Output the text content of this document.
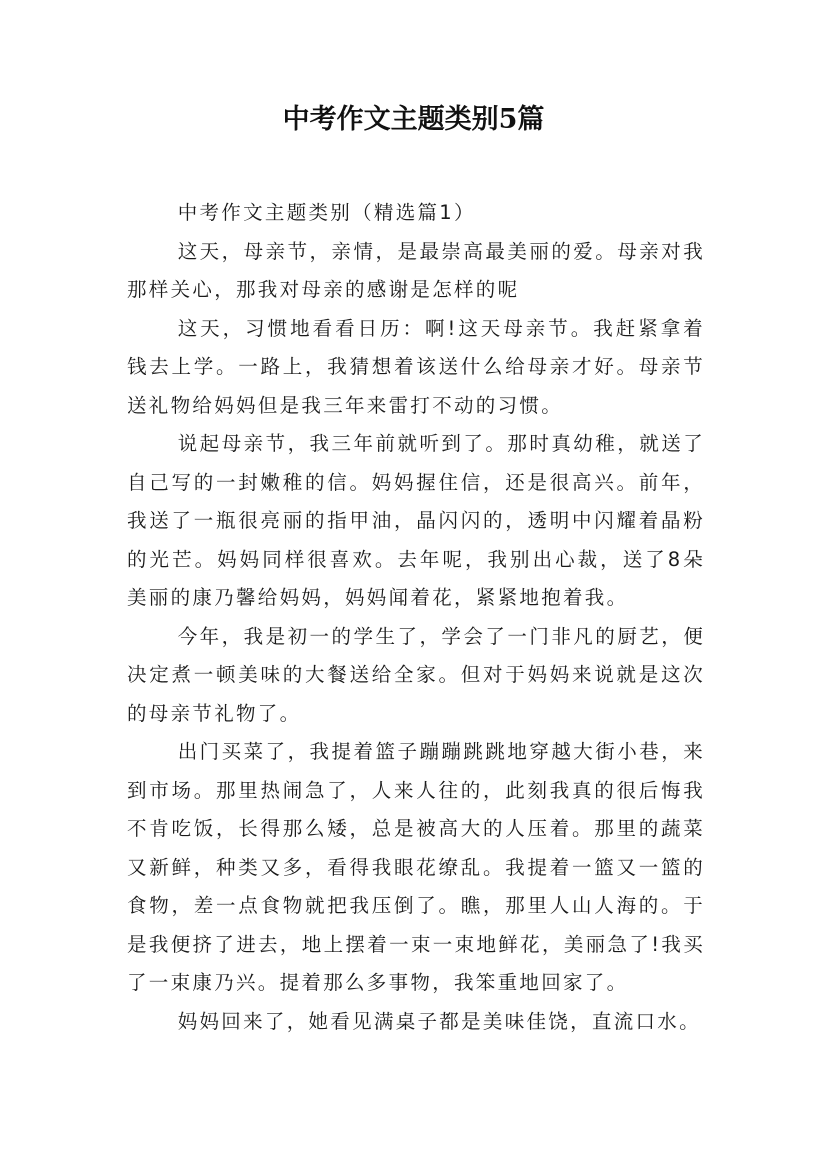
中考作文主题类别5篇

中考作文主题类别（精选篇1）

这天，母亲节，亲情，是最崇高最美丽的爱。母亲对我那样关心，那我对母亲的感谢是怎样的呢

这天，习惯地看看日历：啊!这天母亲节。我赶紧拿着钱去上学。一路上，我猜想着该送什么给母亲才好。母亲节送礼物给妈妈但是我三年来雷打不动的习惯。

说起母亲节，我三年前就听到了。那时真幼稚，就送了自己写的一封嫩稚的信。妈妈握住信，还是很高兴。前年，我送了一瓶很亮丽的指甲油，晶闪闪的，透明中闪耀着晶粉的光芒。妈妈同样很喜欢。去年呢，我别出心裁，送了8朵美丽的康乃馨给妈妈，妈妈闻着花，紧紧地抱着我。

今年，我是初一的学生了，学会了一门非凡的厨艺，便决定煮一顿美味的大餐送给全家。但对于妈妈来说就是这次的母亲节礼物了。

出门买菜了，我提着篮子蹦蹦跳跳地穿越大街小巷，来到市场。那里热闹急了，人来人往的，此刻我真的很后悔我不肯吃饭，长得那么矮，总是被高大的人压着。那里的蔬菜又新鲜，种类又多，看得我眼花缭乱。我提着一篮又一篮的食物，差一点食物就把我压倒了。瞧，那里人山人海的。于是我便挤了进去，地上摆着一束一束地鲜花，美丽急了!我买了一束康乃兴。提着那么多事物，我笨重地回家了。

妈妈回来了，她看见满桌子都是美味佳饶，直流口水。
